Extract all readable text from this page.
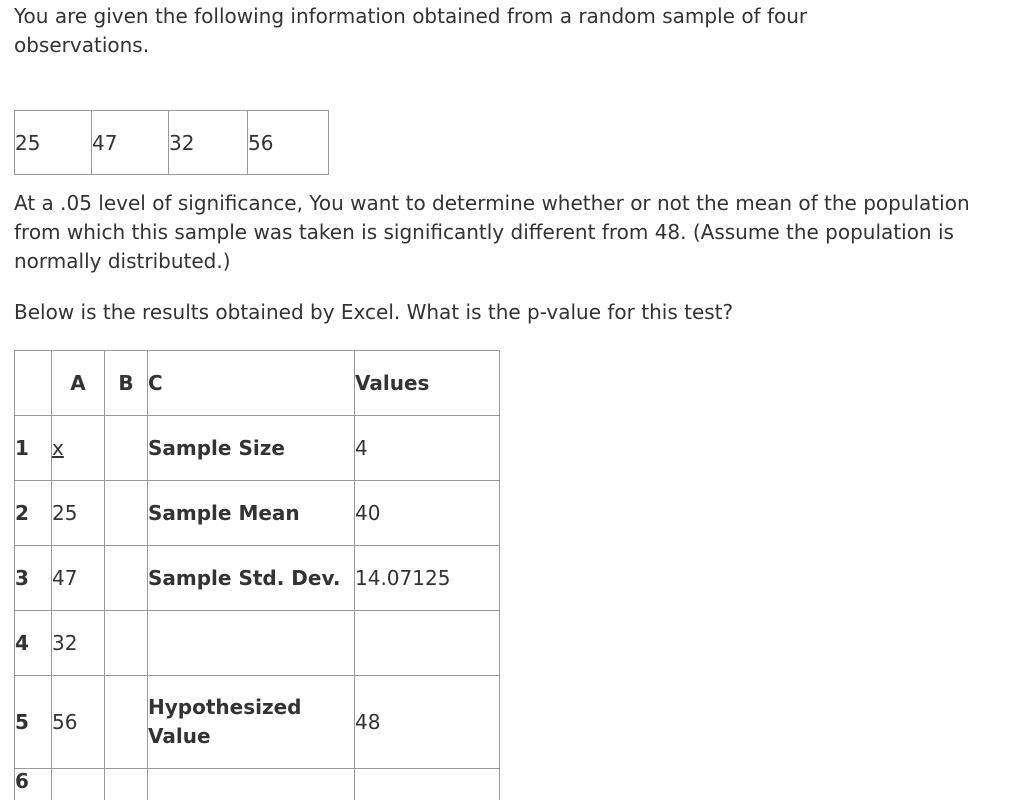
You are given the following information obtained from a random sample of four observations.

25	47	32	56

At a .05 level of significance, You want to determine whether or not the mean of the population from which this sample was taken is significantly different from 48. (Assume the population is normally distributed.)

Below is the results obtained by Excel. What is the p-value for this test?

	A	B	C	Values
1	x		Sample Size	4
2	25		Sample Mean	40
3	47		Sample Std. Dev.	14.07125
4	32			
5	56		Hypothesized Value	48
6				
